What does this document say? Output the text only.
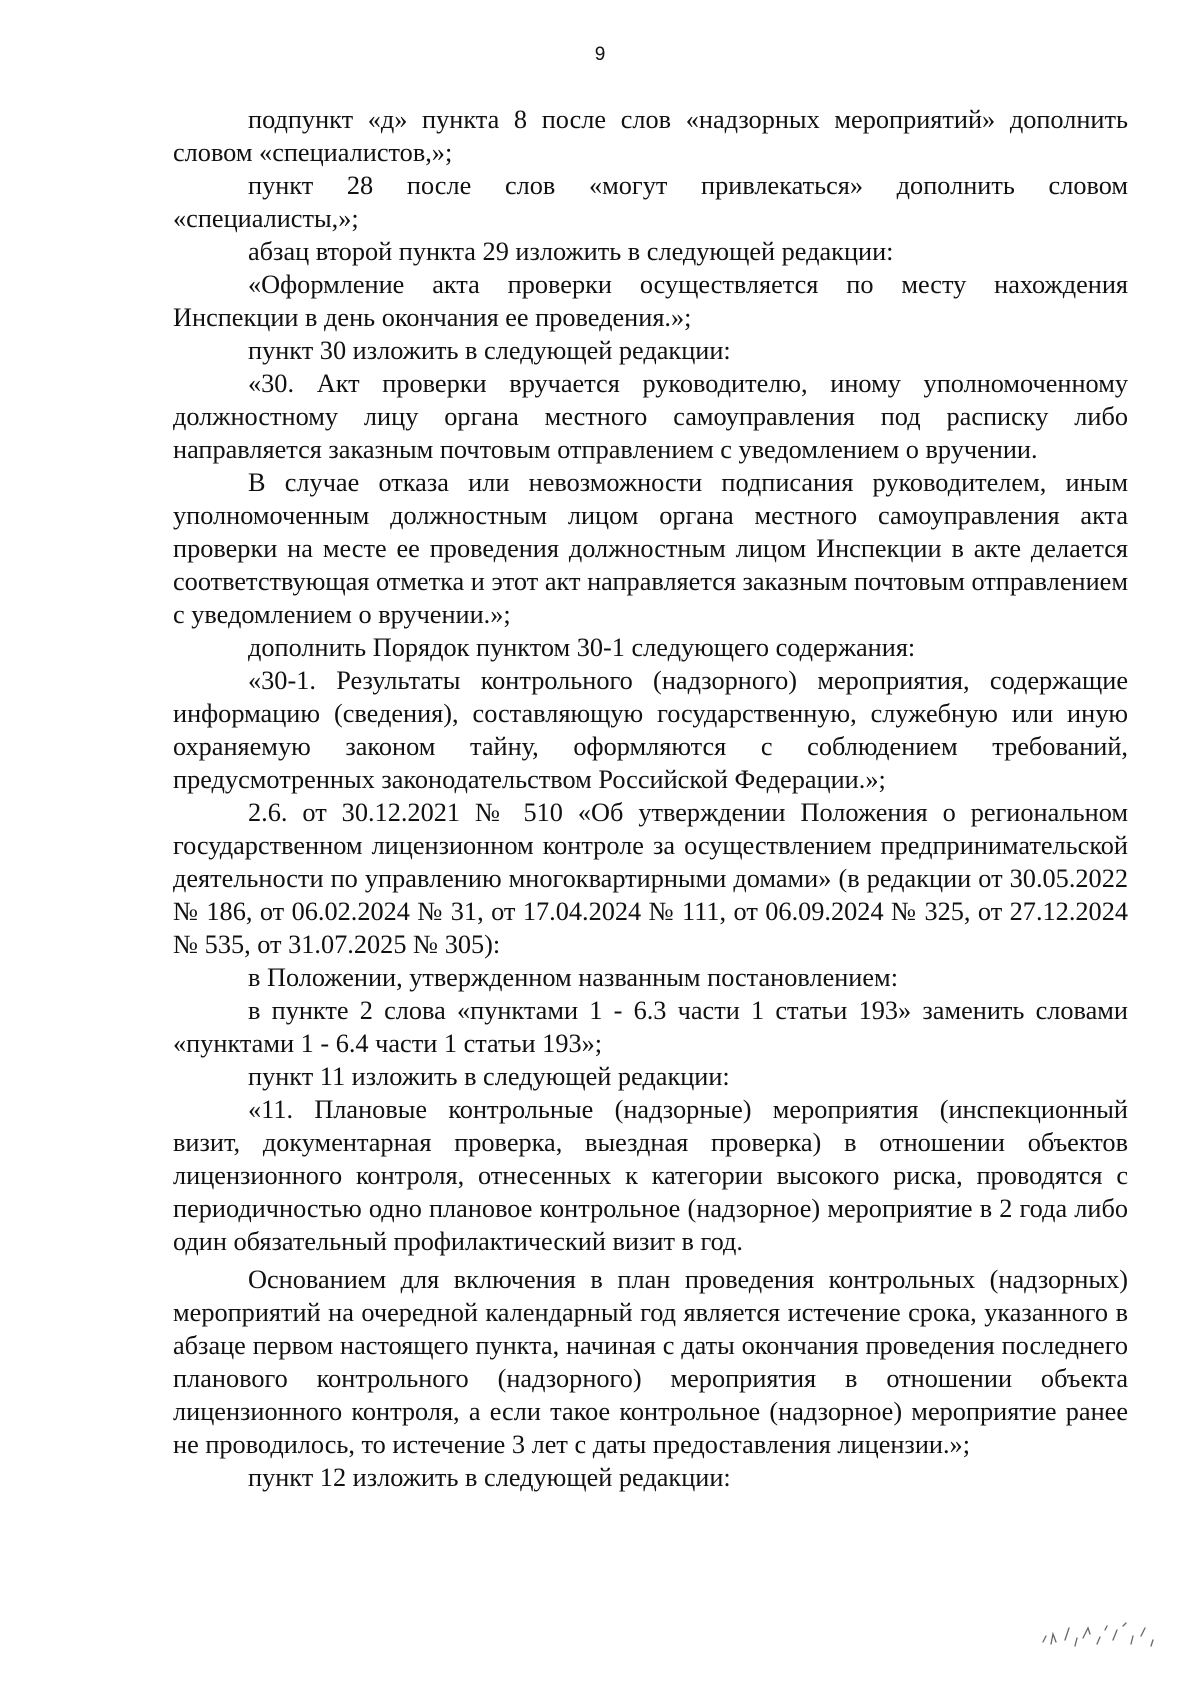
9

подпункт «д» пункта 8 после слов «надзорных мероприятий» дополнить словом «специалистов,»;

пункт 28 после слов «могут привлекаться» дополнить словом «специалисты,»;

абзац второй пункта 29 изложить в следующей редакции:

«Оформление акта проверки осуществляется по месту нахождения Инспекции в день окончания ее проведения.»;

пункт 30 изложить в следующей редакции:

«30. Акт проверки вручается руководителю, иному уполномоченному должностному лицу органа местного самоуправления под расписку либо направляется заказным почтовым отправлением с уведомлением о вручении.

В случае отказа или невозможности подписания руководителем, иным уполномоченным должностным лицом органа местного самоуправления акта проверки на месте ее проведения должностным лицом Инспекции в акте делается соответствующая отметка и этот акт направляется заказным почтовым отправлением с уведомлением о вручении.»;

дополнить Порядок пунктом 30-1 следующего содержания:

«30-1. Результаты контрольного (надзорного) мероприятия, содержащие информацию (сведения), составляющую государственную, служебную или иную охраняемую законом тайну, оформляются с соблюдением требований, предусмотренных законодательством Российской Федерации.»;

2.6. от 30.12.2021 № 510 «Об утверждении Положения о региональном государственном лицензионном контроле за осуществлением предпринимательской деятельности по управлению многоквартирными домами» (в редакции от 30.05.2022 № 186, от 06.02.2024 № 31, от 17.04.2024 № 111, от 06.09.2024 № 325, от 27.12.2024 № 535, от 31.07.2025 № 305):

в Положении, утвержденном названным постановлением:

в пункте 2 слова «пунктами 1 - 6.3 части 1 статьи 193» заменить словами «пунктами 1 - 6.4 части 1 статьи 193»;

пункт 11 изложить в следующей редакции:

«11. Плановые контрольные (надзорные) мероприятия (инспекционный визит, документарная проверка, выездная проверка) в отношении объектов лицензионного контроля, отнесенных к категории высокого риска, проводятся с периодичностью одно плановое контрольное (надзорное) мероприятие в 2 года либо один обязательный профилактический визит в год.

Основанием для включения в план проведения контрольных (надзорных) мероприятий на очередной календарный год является истечение срока, указанного в абзаце первом настоящего пункта, начиная с даты окончания проведения последнего планового контрольного (надзорного) мероприятия в отношении объекта лицензионного контроля, а если такое контрольное (надзорное) мероприятие ранее не проводилось, то истечение 3 лет с даты предоставления лицензии.»;

пункт 12 изложить в следующей редакции:
